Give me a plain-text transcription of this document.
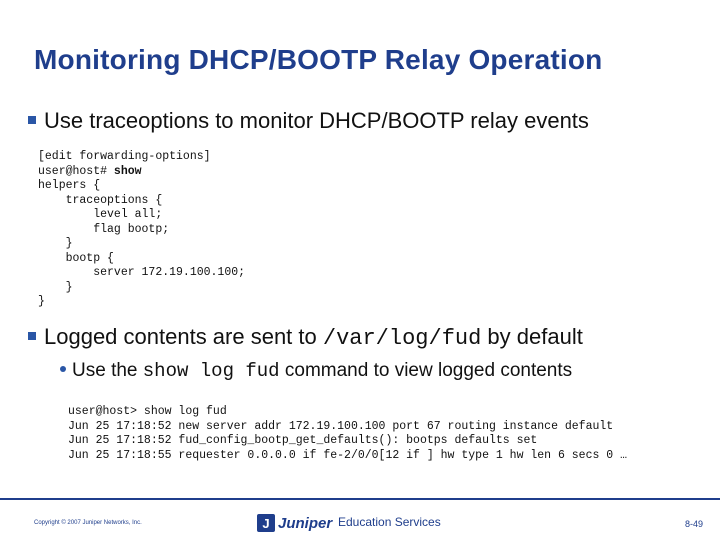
Monitoring DHCP/BOOTP Relay Operation
Use traceoptions to monitor DHCP/BOOTP relay events
[edit forwarding-options]
user@host# show
helpers {
traceoptions {
level all;
flag bootp;
}
bootp {
server 172.19.100.100;
}
}
Logged contents are sent to /var/log/fud by default
Use the show log fud command to view logged contents
user@host> show log fud
Jun 25 17:18:52 new server addr 172.19.100.100 port 67 routing instance default
Jun 25 17:18:52 fud_config_bootp_get_defaults(): bootps defaults set
Jun 25 17:18:55 requester 0.0.0.0 if fe-2/0/0[12 if ] hw type 1 hw len 6 secs 0 …
Copyright © 2007 Juniper Networks, Inc.	J Juniper Education Services	8-49
